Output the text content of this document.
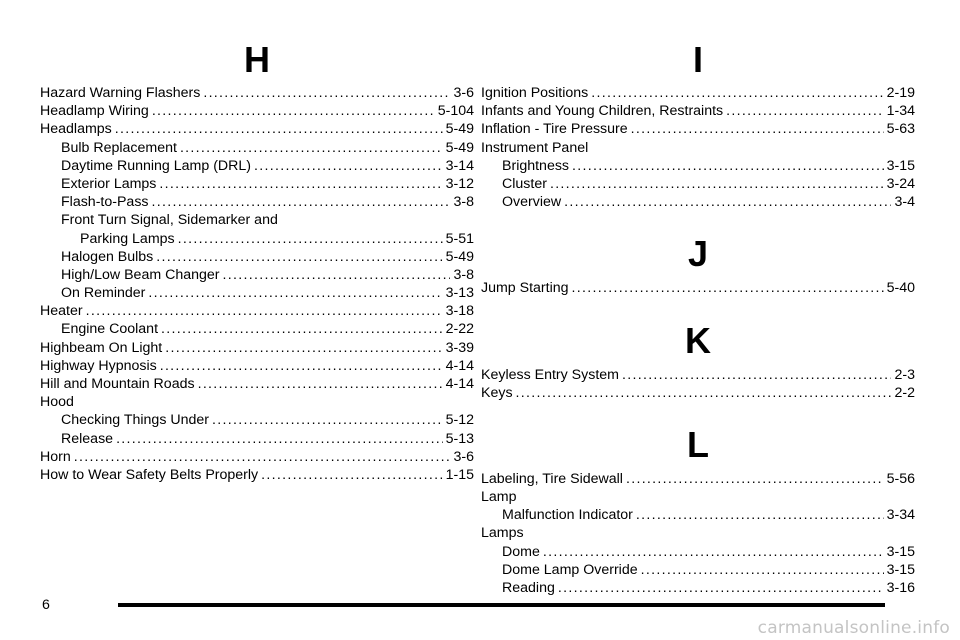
H
Hazard Warning Flashers .....	3-6
Headlamp Wiring .....	5-104
Headlamps .....	5-49
Bulb Replacement .....	5-49
Daytime Running Lamp (DRL) .....	3-14
Exterior Lamps .....	3-12
Flash-to-Pass .....	3-8
Front Turn Signal, Sidemarker and
Parking Lamps .....	5-51
Halogen Bulbs .....	5-49
High/Low Beam Changer .....	3-8
On Reminder .....	3-13
Heater .....	3-18
Engine Coolant .....	2-22
Highbeam On Light .....	3-39
Highway Hypnosis .....	4-14
Hill and Mountain Roads .....	4-14
Hood
Checking Things Under .....	5-12
Release .....	5-13
Horn .....	3-6
How to Wear Safety Belts Properly .....	1-15
I
Ignition Positions .....	2-19
Infants and Young Children, Restraints .....	1-34
Inflation - Tire Pressure .....	5-63
Instrument Panel
Brightness .....	3-15
Cluster .....	3-24
Overview .....	3-4
J
Jump Starting .....	5-40
K
Keyless Entry System .....	2-3
Keys .....	2-2
L
Labeling, Tire Sidewall .....	5-56
Lamp
Malfunction Indicator .....	3-34
Lamps
Dome .....	3-15
Dome Lamp Override .....	3-15
Reading .....	3-16
6
carmanualsonline.info
